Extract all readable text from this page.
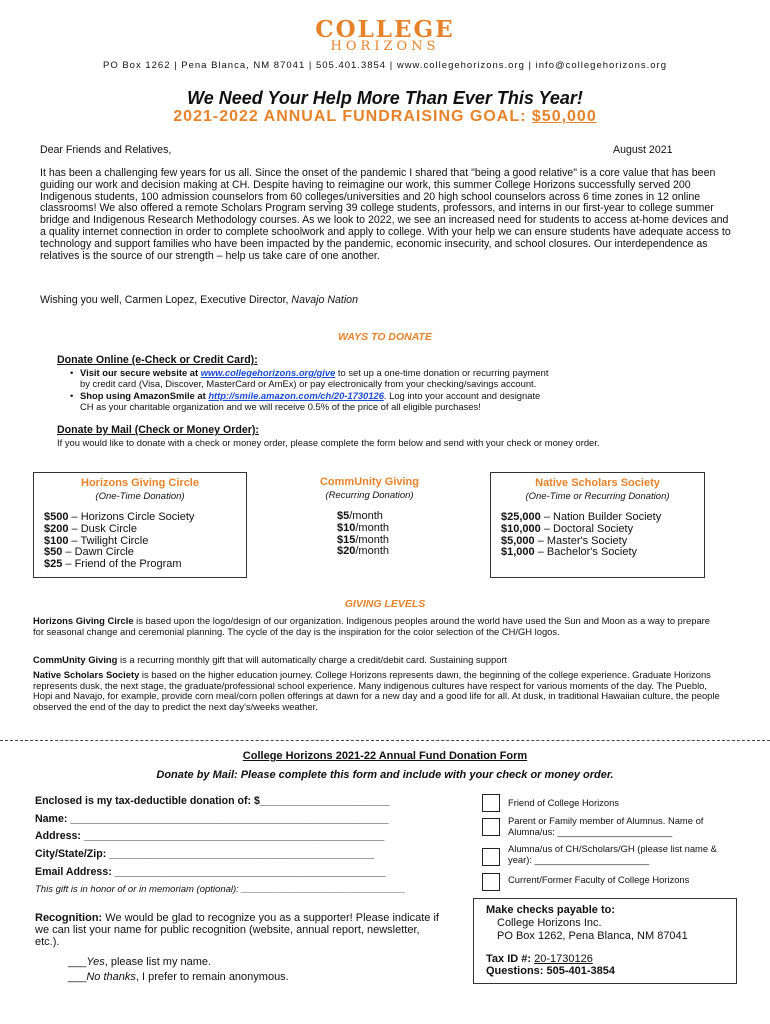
COLLEGE
HORIZONS
PO Box 1262 | Pena Blanca, NM 87041 | 505.401.3854 | www.collegehorizons.org | info@collegehorizons.org
We Need Your Help More Than Ever This Year!
2021-2022 ANNUAL FUNDRAISING GOAL: $50,000
Dear Friends and Relatives,	August 2021
It has been a challenging few years for us all. Since the onset of the pandemic I shared that "being a good relative" is a core value that has been guiding our work and decision making at CH. Despite having to reimagine our work, this summer College Horizons successfully served 200 Indigenous students, 100 admission counselors from 60 colleges/universities and 20 high school counselors across 6 time zones in 12 online classrooms! We also offered a remote Scholars Program serving 39 college students, professors, and interns in our first-year to college summer bridge and Indigenous Research Methodology courses. As we look to 2022, we see an increased need for students to access at-home devices and a quality internet connection in order to complete schoolwork and apply to college. With your help we can ensure students have adequate access to technology and support families who have been impacted by the pandemic, economic insecurity, and school closures. Our interdependence as relatives is the source of our strength – help us take care of one another.
Wishing you well, Carmen Lopez, Executive Director, Navajo Nation
WAYS TO DONATE
Donate Online (e-Check or Credit Card):
Visit our secure website at www.collegehorizons.org/give to set up a one-time donation or recurring payment
by credit card (Visa, Discover, MasterCard or AmEx) or pay electronically from your checking/savings account.
Shop using AmazonSmile at http://smile.amazon.com/ch/20-1730126. Log into your account and designate
CH as your charitable organization and we will receive 0.5% of the price of all eligible purchases!
Donate by Mail (Check or Money Order):
If you would like to donate with a check or money order, please complete the form below and send with your check or money order.
Horizons Giving Circle
(One-Time Donation)
$500 – Horizons Circle Society
$200 – Dusk Circle
$100 – Twilight Circle
$50 – Dawn Circle
$25 – Friend of the Program
CommUnity Giving
(Recurring Donation)
$5/month
$10/month
$15/month
$20/month
Native Scholars Society
(One-Time or Recurring Donation)
$25,000 – Nation Builder Society
$10,000 – Doctoral Society
$5,000 – Master's Society
$1,000 – Bachelor's Society
GIVING LEVELS
Horizons Giving Circle is based upon the logo/design of our organization. Indigenous peoples around the world have used the Sun and Moon as a way to prepare for seasonal change and ceremonial planning. The cycle of the day is the inspiration for the color selection of the CH/GH logos.
CommUnity Giving is a recurring monthly gift that will automatically charge a credit/debit card. Sustaining support
Native Scholars Society is based on the higher education journey. College Horizons represents dawn, the beginning of the college experience. Graduate Horizons represents dusk, the next stage, the graduate/professional school experience. Many indigenous cultures have respect for various moments of the day. The Pueblo, Hopi and Navajo, for example, provide corn meal/corn pollen offerings at dawn for a new day and a good life for all. At dusk, in traditional Hawaiian culture, the people observed the end of the day to predict the next day's/weeks weather.
College Horizons 2021-22 Annual Fund Donation Form
Donate by Mail: Please complete this form and include with your check or money order.
Enclosed is my tax-deductible donation of: $______________________
Name: ______________________________________________________
Address: ___________________________________________________
City/State/Zip: _____________________________________________
Email Address: ______________________________________________
This gift is in honor of or in memoriam (optional): _______________________________
Friend of College Horizons
Parent or Family member of Alumnus. Name of Alumna/us: ______________________
Alumna/us of CH/Scholars/GH (please list name & year): ______________________
Current/Former Faculty of College Horizons
Recognition: We would be glad to recognize you as a supporter! Please indicate if we can list your name for public recognition (website, annual report, newsletter, etc.).
___Yes, please list my name.
___No thanks, I prefer to remain anonymous.
Make checks payable to:
College Horizons Inc.
PO Box 1262, Pena Blanca, NM 87041
Tax ID #: 20-1730126
Questions: 505-401-3854
